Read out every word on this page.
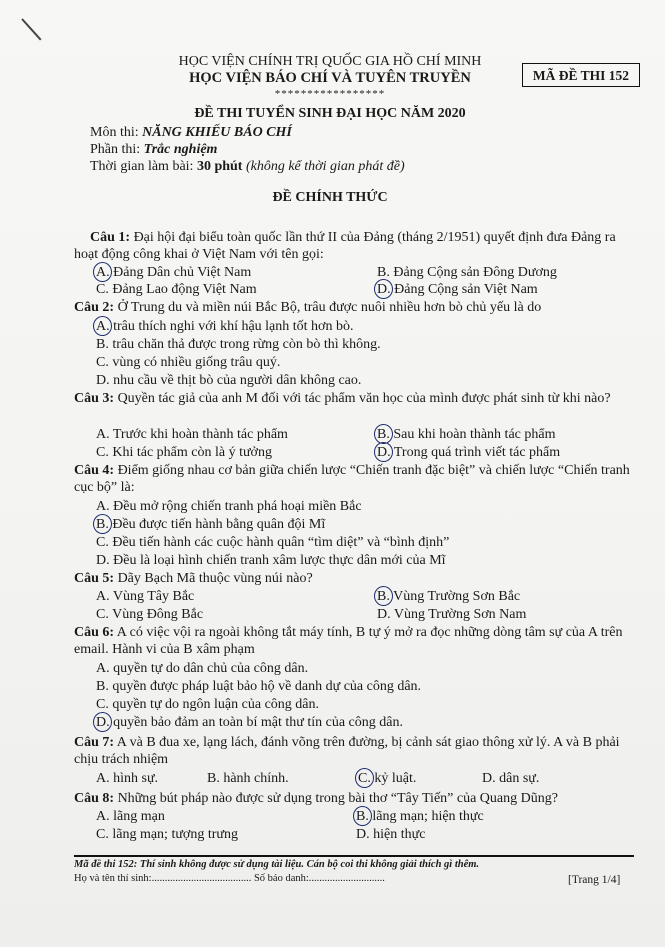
HỌC VIỆN CHÍNH TRỊ QUỐC GIA HỒ CHÍ MINH
HỌC VIỆN BÁO CHÍ VÀ TUYÊN TRUYỀN
*****************
MÃ ĐỀ THI 152
ĐỀ THI TUYỂN SINH ĐẠI HỌC NĂM 2020
Môn thi: NĂNG KHIẾU BÁO CHÍ
Phần thi: Trắc nghiệm
Thời gian làm bài: 30 phút (không kể thời gian phát đề)
ĐỀ CHÍNH THỨC
Câu 1: Đại hội đại biểu toàn quốc lần thứ II của Đảng (tháng 2/1951) quyết định đưa Đảng ra hoạt động công khai ở Việt Nam với tên gọi:
A. Đảng Dân chủ Việt Nam	B. Đảng Cộng sản Đông Dương
C. Đảng Lao động Việt Nam	D. Đảng Cộng sản Việt Nam
Câu 2: Ở Trung du và miền núi Bắc Bộ, trâu được nuôi nhiều hơn bò chủ yếu là do
A. trâu thích nghi với khí hậu lạnh tốt hơn bò.
B. trâu chăn thả được trong rừng còn bò thì không.
C. vùng có nhiều giống trâu quý.
D. nhu cầu về thịt bò của người dân không cao.
Câu 3: Quyền tác giả của anh M đối với tác phẩm văn học của mình được phát sinh từ khi nào?
A. Trước khi hoàn thành tác phẩm	B. Sau khi hoàn thành tác phẩm
C. Khi tác phẩm còn là ý tưởng	D. Trong quá trình viết tác phẩm
Câu 4: Điểm giống nhau cơ bản giữa chiến lược “Chiến tranh đặc biệt” và chiến lược “Chiến tranh cục bộ” là:
A. Đều mở rộng chiến tranh phá hoại miền Bắc
B. Đều được tiến hành bằng quân đội Mĩ
C. Đều tiến hành các cuộc hành quân “tìm diệt” và “bình định”
D. Đều là loại hình chiến tranh xâm lược thực dân mới của Mĩ
Câu 5: Dãy Bạch Mã thuộc vùng núi nào?
A. Vùng Tây Bắc	B. Vùng Trường Sơn Bắc
C. Vùng Đông Bắc	D. Vùng Trường Sơn Nam
Câu 6: A có việc vội ra ngoài không tắt máy tính, B tự ý mở ra đọc những dòng tâm sự của A trên email. Hành vi của B xâm phạm
A. quyền tự do dân chủ của công dân.
B. quyền được pháp luật bảo hộ về danh dự của công dân.
C. quyền tự do ngôn luận của công dân.
D. quyền bảo đảm an toàn bí mật thư tín của công dân.
Câu 7: A và B đua xe, lạng lách, đánh võng trên đường, bị cảnh sát giao thông xử lý. A và B phải chịu trách nhiệm
A. hình sự.	B. hành chính.	C. kỷ luật.	D. dân sự.
Câu 8: Những bút pháp nào được sử dụng trong bài thơ “Tây Tiến” của Quang Dũng?
A. lãng mạn	B. lãng mạn; hiện thực
C. lãng mạn; tượng trưng	D. hiện thực
Mã đề thi 152: Thí sinh không được sử dụng tài liệu. Cán bộ coi thi không giải thích gì thêm.
Họ và tên thí sinh:...................................... Số báo danh:.............................	[Trang 1/4]
